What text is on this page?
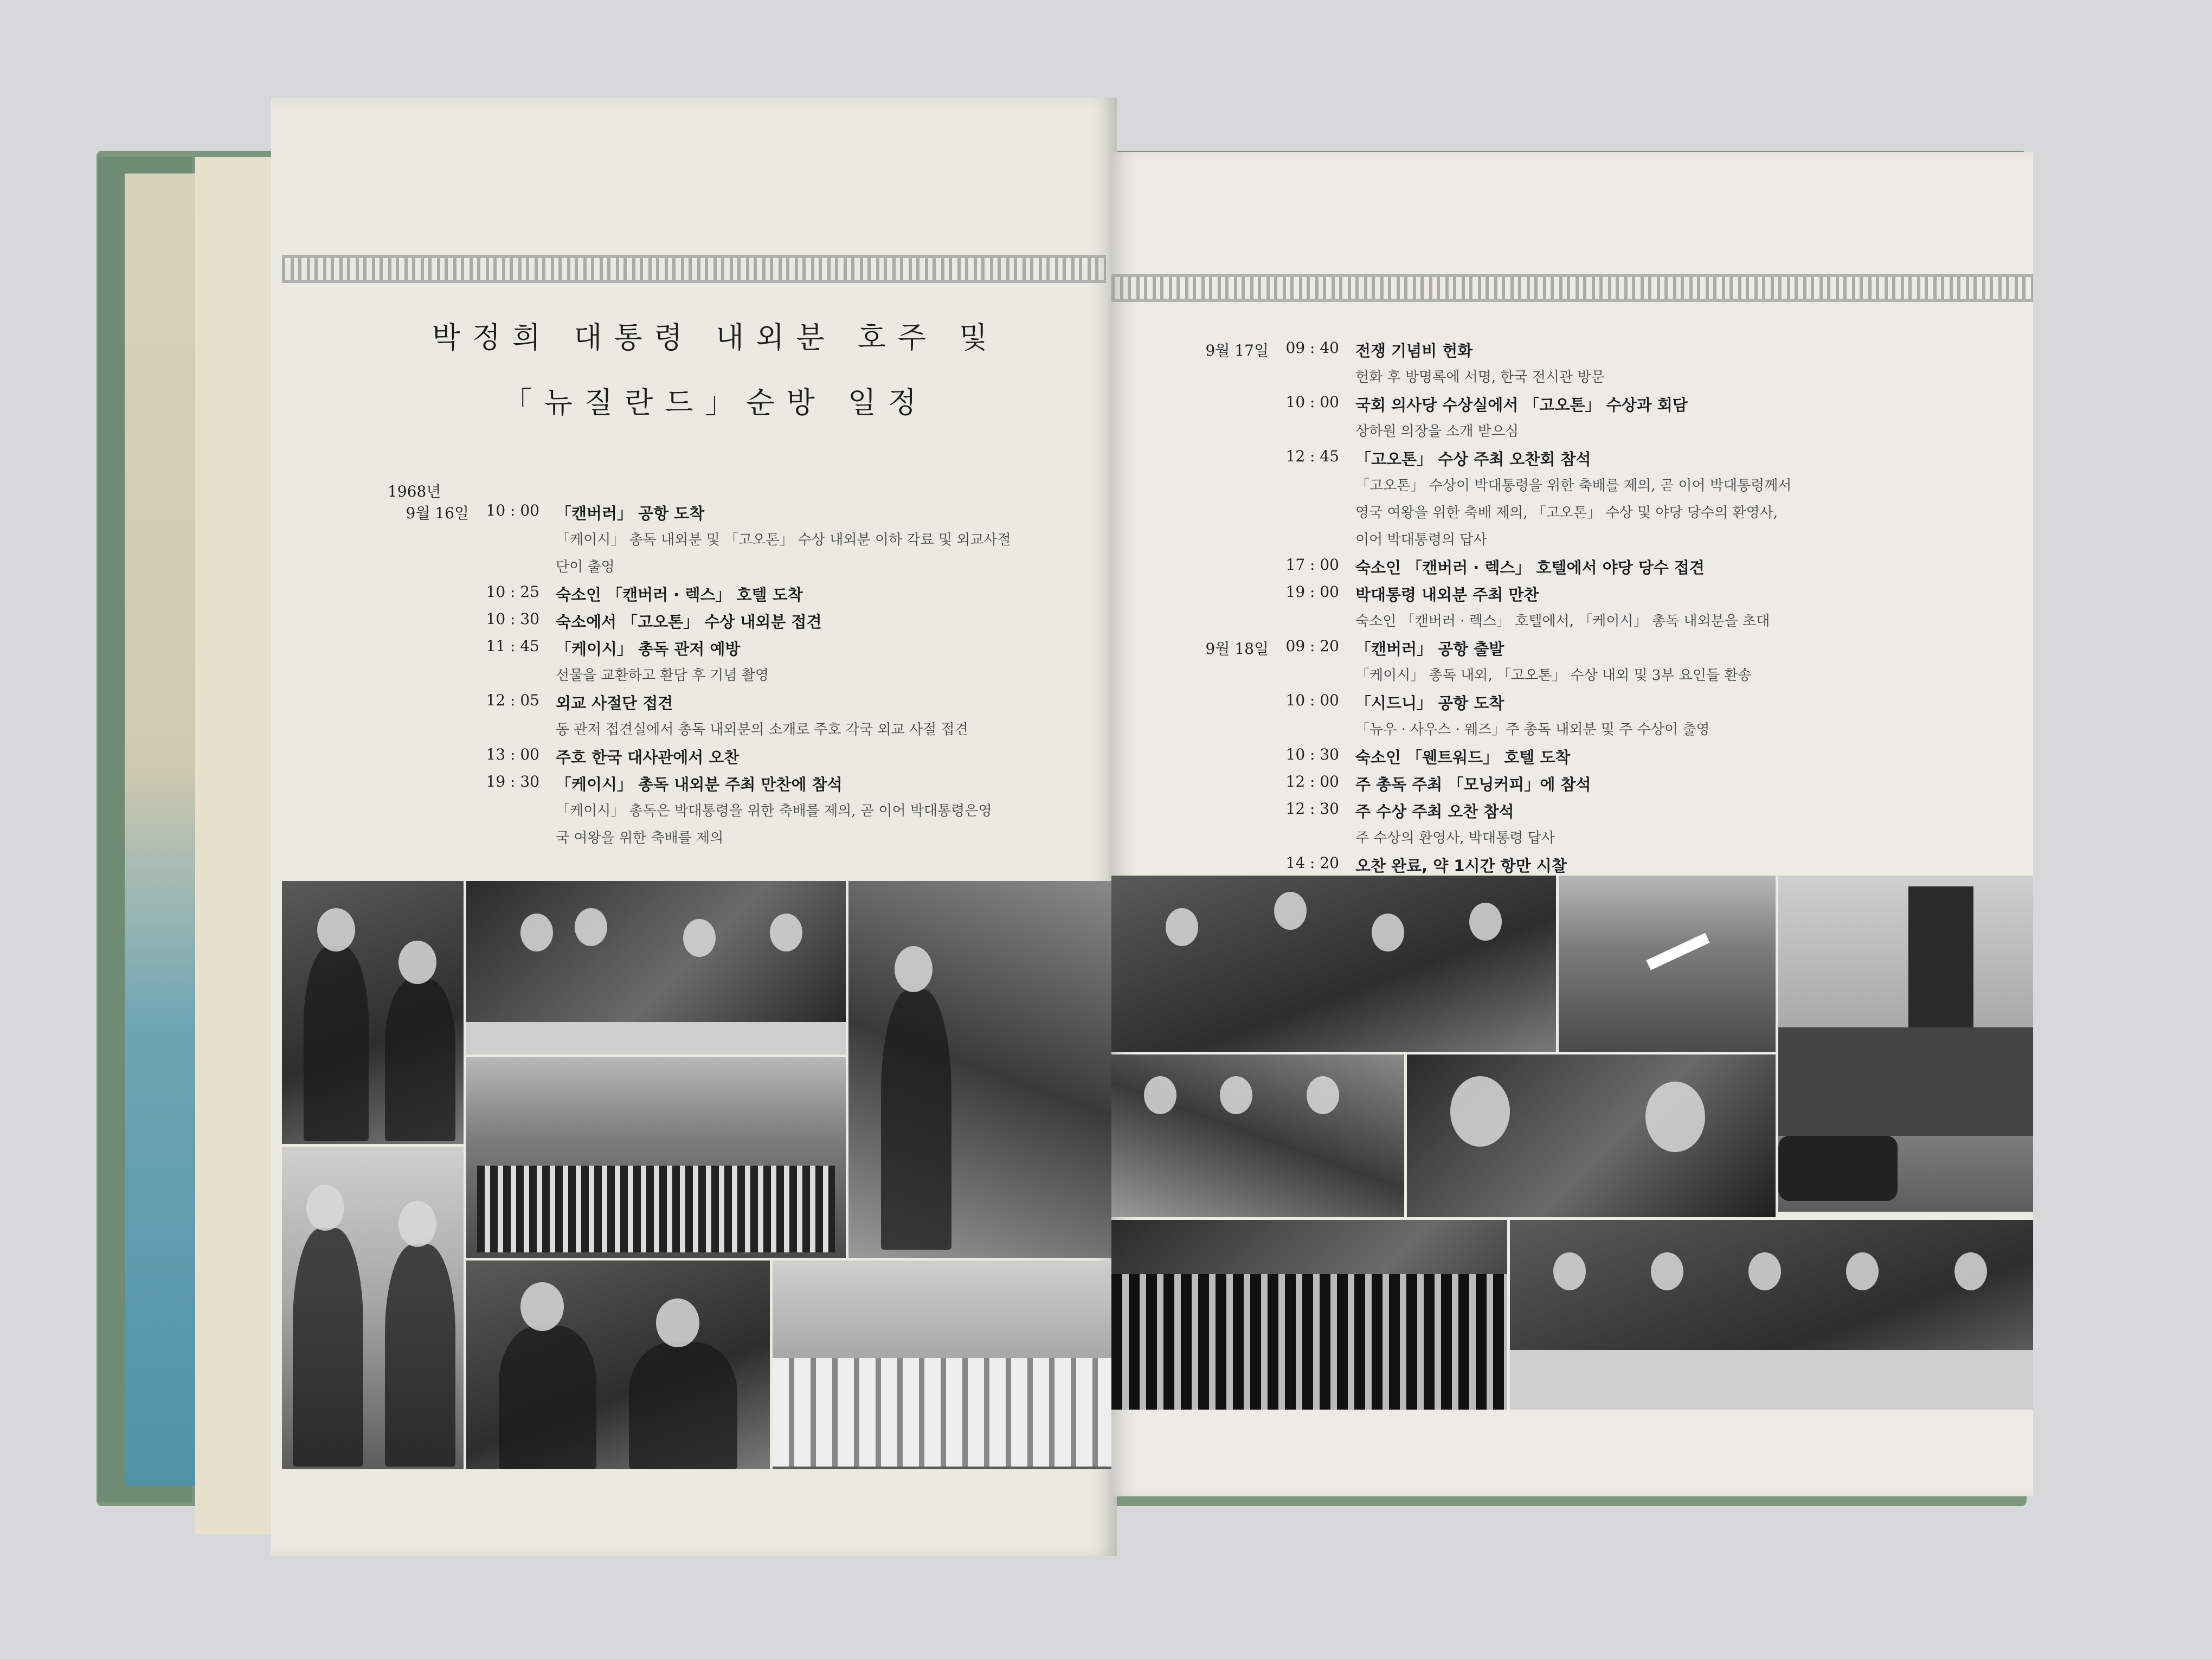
박정희 대통령 내외분 호주 및
「뉴질란드」순방 일정
1968년
9월 16일	10 : 00 「캔버러」 공항 도착
「케이시」 총독 내외분 및 「고오톤」 수상 내외분 이하 각료 및 외교사절
단이 출영
10 : 25 숙소인 「캔버러 · 렉스」 호텔 도착
10 : 30 숙소에서 「고오톤」 수상 내외분 접견
11 : 45 「케이시」 총독 관저 예방
선물을 교환하고 환담 후 기념 촬영
12 : 05 외교 사절단 접견
동 관저 접견실에서 총독 내외분의 소개로 주호 각국 외교 사절 접견
13 : 00 주호 한국 대사관에서 오찬
19 : 30 「케이시」 총독 내외분 주최 만찬에 참석
「케이시」 총독은 박대통령을 위한 축배를 제의, 곧 이어 박대통령은영
국 여왕을 위한 축배를 제의
9월 17일	09 : 40 전쟁 기념비 헌화
헌화 후 방명록에 서명, 한국 전시관 방문
10 : 00 국회 의사당 수상실에서 「고오톤」 수상과 회담
상하원 의장을 소개 받으심
12 : 45 「고오톤」 수상 주최 오찬회 참석
「고오톤」 수상이 박대통령을 위한 축배를 제의, 곧 이어 박대통령께서
영국 여왕을 위한 축배 제의, 「고오톤」 수상 및 야당 당수의 환영사,
이어 박대통령의 답사
17 : 00 숙소인 「캔버러 · 렉스」 호텔에서 야당 당수 접견
19 : 00 박대통령 내외분 주최 만찬
숙소인 「캔버러 · 렉스」 호텔에서, 「케이시」 총독 내외분을 초대
9월 18일	09 : 20 「캔버러」 공항 출발
「케이시」 총독 내외, 「고오톤」 수상 내외 및 3부 요인들 환송
10 : 00 「시드니」 공항 도착
「뉴우 · 사우스 · 웨즈」주 총독 내외분 및 주 수상이 출영
10 : 30 숙소인 「웬트워드」 호텔 도착
12 : 00 주 총독 주최 「모닝커피」에 참석
12 : 30 주 수상 주최 오찬 참석
주 수상의 환영사, 박대통령 답사
14 : 20 오찬 완료, 약 1시간 항만 시찰
